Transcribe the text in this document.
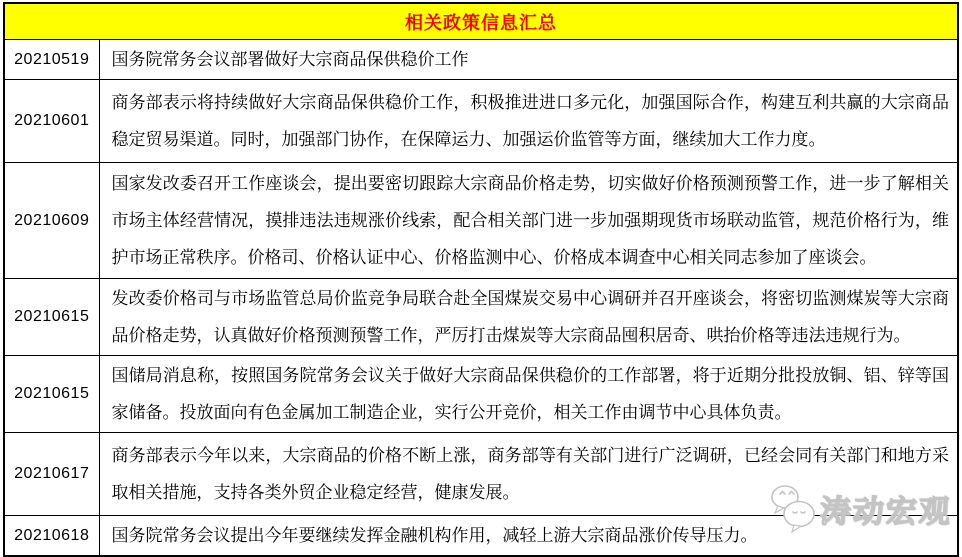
相关政策信息汇总	
20210519	国务院常务会议部署做好大宗商品保供稳价工作
20210601	商务部表示将持续做好大宗商品保供稳价工作，积极推进进口多元化，加强国际合作，构建互利共赢的大宗商品稳定贸易渠道。同时，加强部门协作，在保障运力、加强运价监管等方面，继续加大工作力度。
20210609	国家发改委召开工作座谈会，提出要密切跟踪大宗商品价格走势，切实做好价格预测预警工作，进一步了解相关市场主体经营情况，摸排违法违规涨价线索，配合相关部门进一步加强期现货市场联动监管，规范价格行为，维护市场正常秩序。价格司、价格认证中心、价格监测中心、价格成本调查中心相关同志参加了座谈会。
20210615	发改委价格司与市场监管总局价监竞争局联合赴全国煤炭交易中心调研并召开座谈会，将密切监测煤炭等大宗商品价格走势，认真做好价格预测预警工作，严厉打击煤炭等大宗商品囤积居奇、哄抬价格等违法违规行为。
20210615	国储局消息称，按照国务院常务会议关于做好大宗商品保供稳价的工作部署，将于近期分批投放铜、铝、锌等国家储备。投放面向有色金属加工制造企业，实行公开竞价，相关工作由调节中心具体负责。
20210617	商务部表示今年以来，大宗商品的价格不断上涨，商务部等有关部门进行广泛调研，已经会同有关部门和地方采取相关措施，支持各类外贸企业稳定经营，健康发展。
20210618	国务院常务会议提出今年要继续发挥金融机构作用，减轻上游大宗商品涨价传导压力。
涛动宏观
